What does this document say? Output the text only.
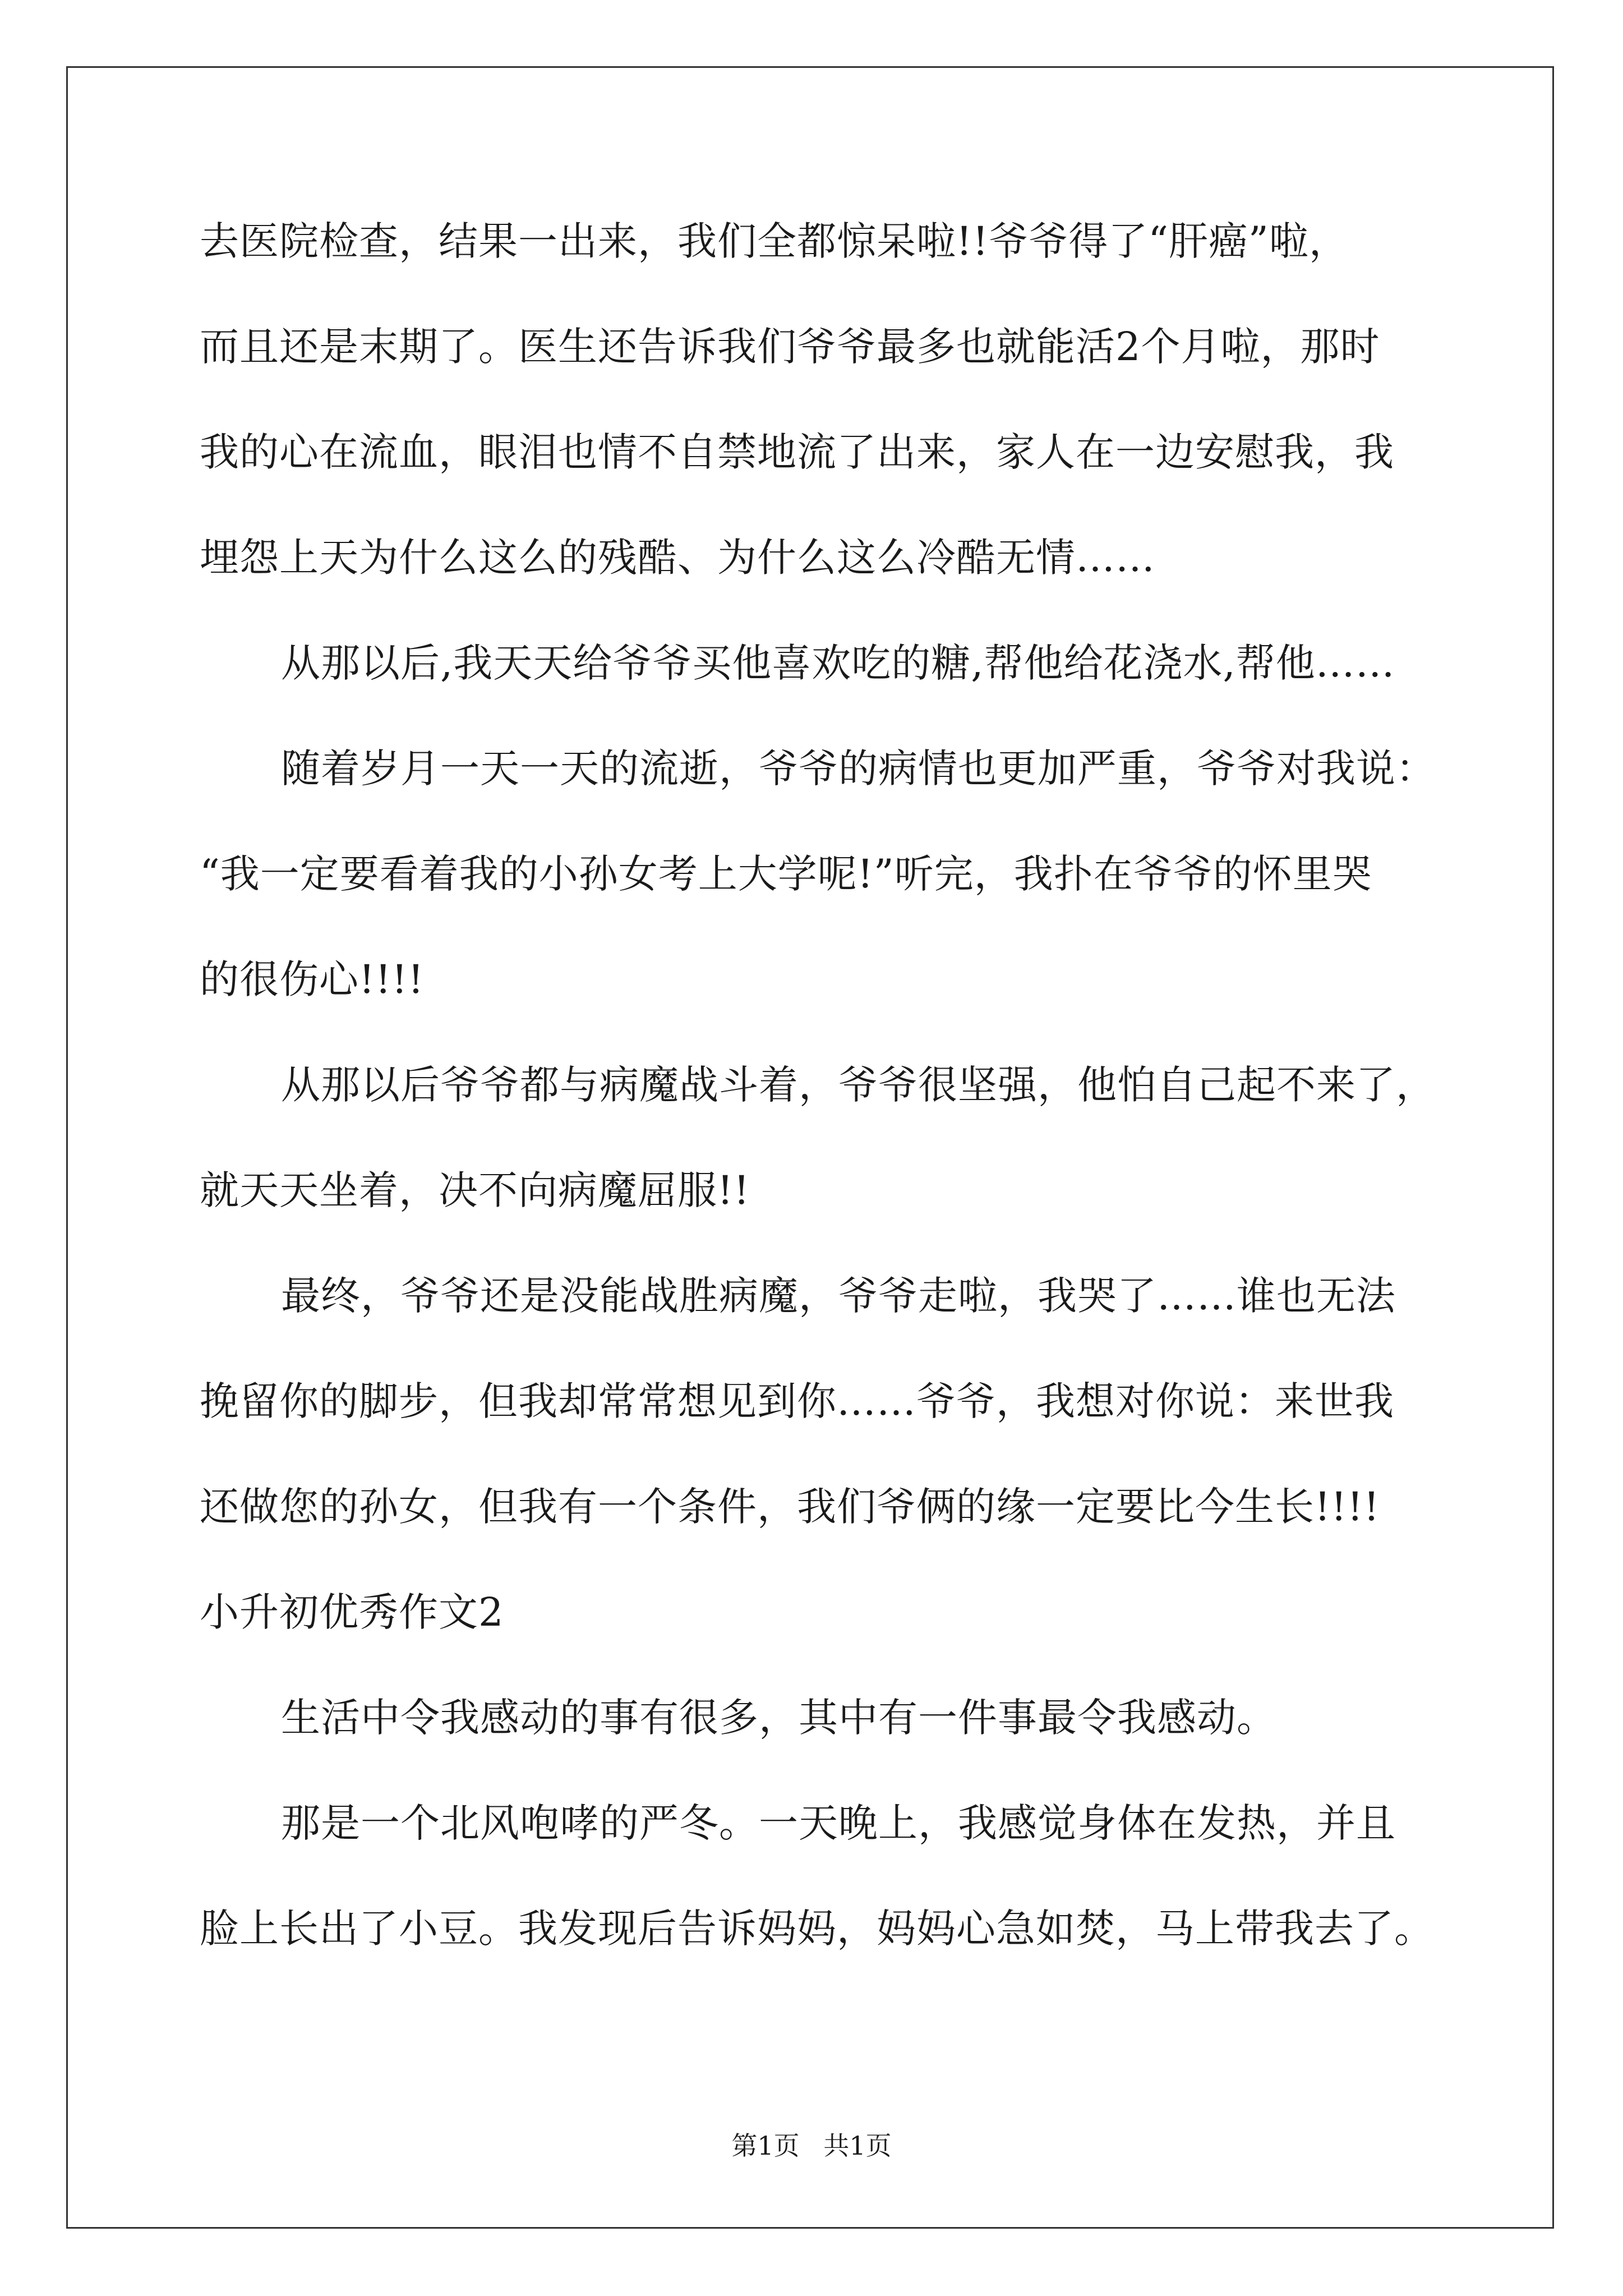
去医院检查，结果一出来，我们全都惊呆啦!!爷爷得了“肝癌”啦，
而且还是末期了。医生还告诉我们爷爷最多也就能活2个月啦，那时
我的心在流血，眼泪也情不自禁地流了出来，家人在一边安慰我，我
埋怨上天为什么这么的残酷、为什么这么冷酷无情……
从那以后,我天天给爷爷买他喜欢吃的糖,帮他给花浇水,帮他……
随着岁月一天一天的流逝，爷爷的病情也更加严重，爷爷对我说：
“我一定要看着我的小孙女考上大学呢!”听完，我扑在爷爷的怀里哭
的很伤心!!!!
从那以后爷爷都与病魔战斗着，爷爷很坚强，他怕自己起不来了，
就天天坐着，决不向病魔屈服!!
最终，爷爷还是没能战胜病魔，爷爷走啦，我哭了……谁也无法
挽留你的脚步，但我却常常想见到你……爷爷，我想对你说：来世我
还做您的孙女，但我有一个条件，我们爷俩的缘一定要比今生长!!!!
小升初优秀作文2
生活中令我感动的事有很多，其中有一件事最令我感动。
那是一个北风咆哮的严冬。一天晚上，我感觉身体在发热，并且
脸上长出了小豆。我发现后告诉妈妈，妈妈心急如焚，马上带我去了。
第1页 共1页
